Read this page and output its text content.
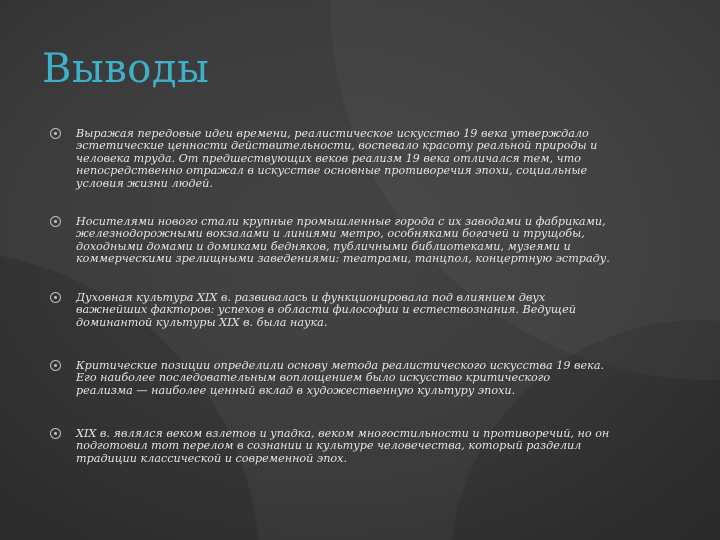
Выводы
Выражая передовые идеи времени, реалистическое искусство 19 века утверждало эстетические ценности действительности, воспевало красоту реальной природы и человека труда. От предшествующих веков реализм 19 века отличался тем, что непосредственно отражал в искусстве основные противоречия эпохи, социальные условия жизни людей.
Носителями нового стали крупные промышленные города с их заводами и фабриками, железнодорожными вокзалами и линиями метро, особняками богачей и трущобы, доходными домами и домиками бедняков, публичными библиотеками, музеями и коммерческими зрелищными заведениями: театрами, танцпол, концертную эстраду.
Духовная культура XIX в. развивалась и функционировала под влиянием двух важнейших факторов: успехов в области философии и естествознания. Ведущей доминантой культуры XIX в. была наука.
Критические позиции определили основу метода реалистического искусства 19 века. Его наиболее последовательным воплощением было искусство критического реализма — наиболее ценный вклад в художественную культуру эпохи.
XIX в. являлся веком взлетов и упадка, веком многостильности и противоречий, но он подготовил тот перелом в сознании и культуре человечества, который разделил традиции классической и современной эпох.
